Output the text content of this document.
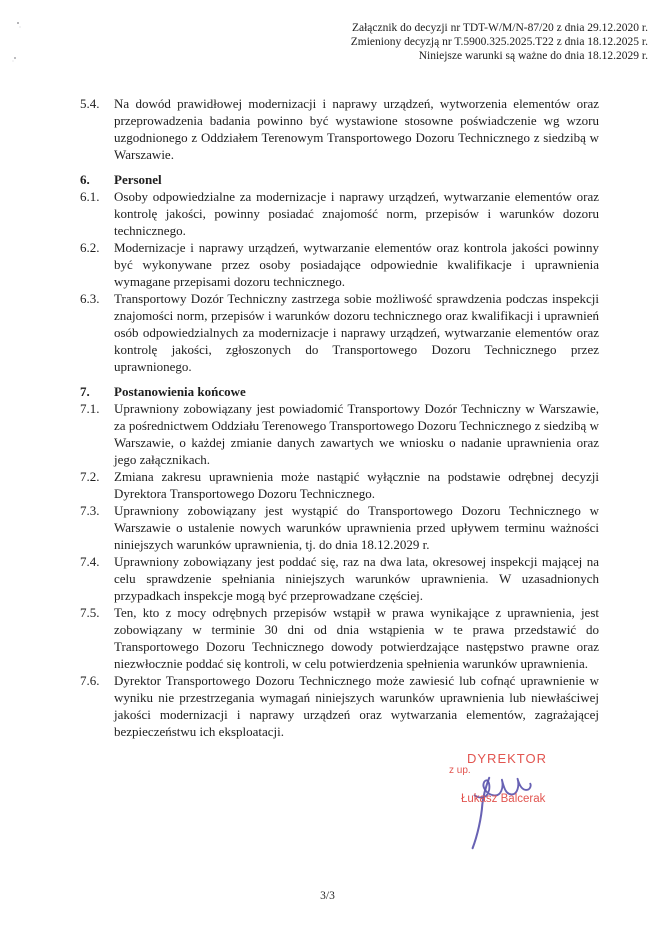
Załącznik do decyzji nr TDT-W/M/N-87/20 z dnia 29.12.2020 r.
Zmieniony decyzją nr T.5900.325.2025.T22 z dnia 18.12.2025 r.
Niniejsze warunki są ważne do dnia 18.12.2029 r.
5.4.	Na dowód prawidłowej modernizacji i naprawy urządzeń, wytworzenia elementów oraz przeprowadzenia badania powinno być wystawione stosowne poświadczenie wg wzoru uzgodnionego z Oddziałem Terenowym Transportowego Dozoru Technicznego z siedzibą w Warszawie.
6.	Personel
6.1.	Osoby odpowiedzialne za modernizacje i naprawy urządzeń, wytwarzanie elementów oraz kontrolę jakości, powinny posiadać znajomość norm, przepisów i warunków dozoru technicznego.
6.2.	Modernizacje i naprawy urządzeń, wytwarzanie elementów oraz kontrola jakości powinny być wykonywane przez osoby posiadające odpowiednie kwalifikacje i uprawnienia wymagane przepisami dozoru technicznego.
6.3.	Transportowy Dozór Techniczny zastrzega sobie możliwość sprawdzenia podczas inspekcji znajomości norm, przepisów i warunków dozoru technicznego oraz kwalifikacji i uprawnień osób odpowiedzialnych za modernizacje i naprawy urządzeń, wytwarzanie elementów oraz kontrolę jakości, zgłoszonych do Transportowego Dozoru Technicznego przez uprawnionego.
7.	Postanowienia końcowe
7.1.	Uprawniony zobowiązany jest powiadomić Transportowy Dozór Techniczny w Warszawie, za pośrednictwem Oddziału Terenowego Transportowego Dozoru Technicznego z siedzibą w Warszawie, o każdej zmianie danych zawartych we wniosku o nadanie uprawnienia oraz jego załącznikach.
7.2.	Zmiana zakresu uprawnienia może nastąpić wyłącznie na podstawie odrębnej decyzji Dyrektora Transportowego Dozoru Technicznego.
7.3.	Uprawniony zobowiązany jest wystąpić do Transportowego Dozoru Technicznego w Warszawie o ustalenie nowych warunków uprawnienia przed upływem terminu ważności niniejszych warunków uprawnienia, tj. do dnia 18.12.2029 r.
7.4.	Uprawniony zobowiązany jest poddać się, raz na dwa lata, okresowej inspekcji mającej na celu sprawdzenie spełniania niniejszych warunków uprawnienia. W uzasadnionych przypadkach inspekcje mogą być przeprowadzane częściej.
7.5.	Ten, kto z mocy odrębnych przepisów wstąpił w prawa wynikające z uprawnienia, jest zobowiązany w terminie 30 dni od dnia wstąpienia w te prawa przedstawić do Transportowego Dozoru Technicznego dowody potwierdzające następstwo prawne oraz niezwłocznie poddać się kontroli, w celu potwierdzenia spełnienia warunków uprawnienia.
7.6.	Dyrektor Transportowego Dozoru Technicznego może zawiesić lub cofnąć uprawnienie w wyniku nie przestrzegania wymagań niniejszych warunków uprawnienia lub niewłaściwej jakości modernizacji i naprawy urządzeń oraz wytwarzania elementów, zagrażającej bezpieczeństwu ich eksploatacji.
DYREKTOR
z up.
Łukasz Balcerak
3/3
